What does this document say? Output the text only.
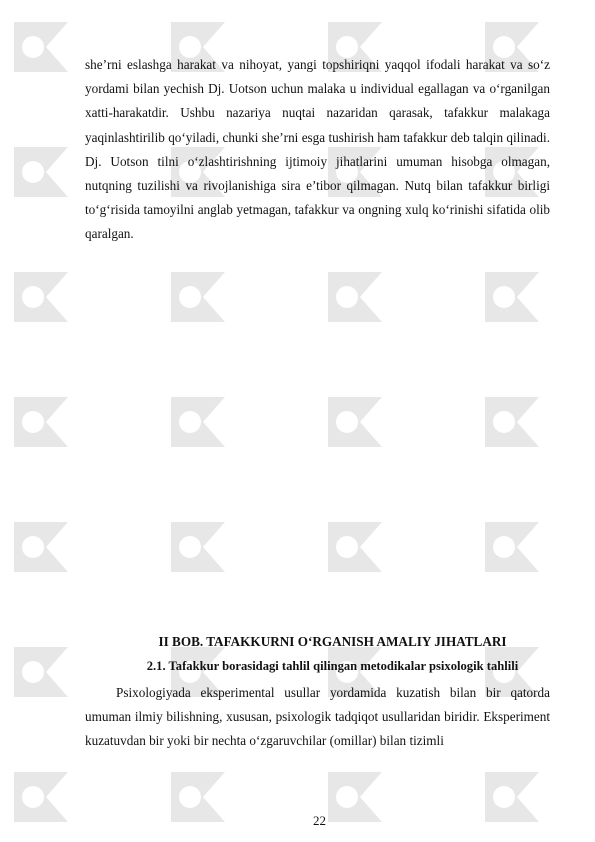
she’rni eslashga harakat va nihoyat, yangi topshiriqni yaqqol ifodali harakat va so‘z yordami bilan yechish Dj. Uotson uchun malaka u individual egallagan va o‘rganilgan xatti-harakatdir. Ushbu nazariya nuqtai nazaridan qarasak, tafakkur malakaga yaqinlashtirilib qo‘yiladi, chunki she’rni esga tushirish ham tafakkur deb talqin qilinadi. Dj. Uotson tilni o‘zlashtirishning ijtimoiy jihatlarini umuman hisobga olmagan, nutqning tuzilishi va rivojlanishiga sira e’tibor qilmagan. Nutq bilan tafakkur birligi to‘g‘risida tamoyilni anglab yetmagan, tafakkur va ongning xulq ko‘rinishi sifatida olib qaralgan.
II BOB. TAFAKKURNI O‘RGANISH AMALIY JIHATLARI
2.1. Tafakkur borasidagi tahlil qilingan metodikalar psixologik tahlili
Psixologiyada eksperimental usullar yordamida kuzatish bilan bir qatorda umuman ilmiy bilishning, xususan, psixologik tadqiqot usullaridan biridir. Eksperiment kuzatuvdan bir yoki bir nechta o‘zgaruvchilar (omillar) bilan tizimli
22
